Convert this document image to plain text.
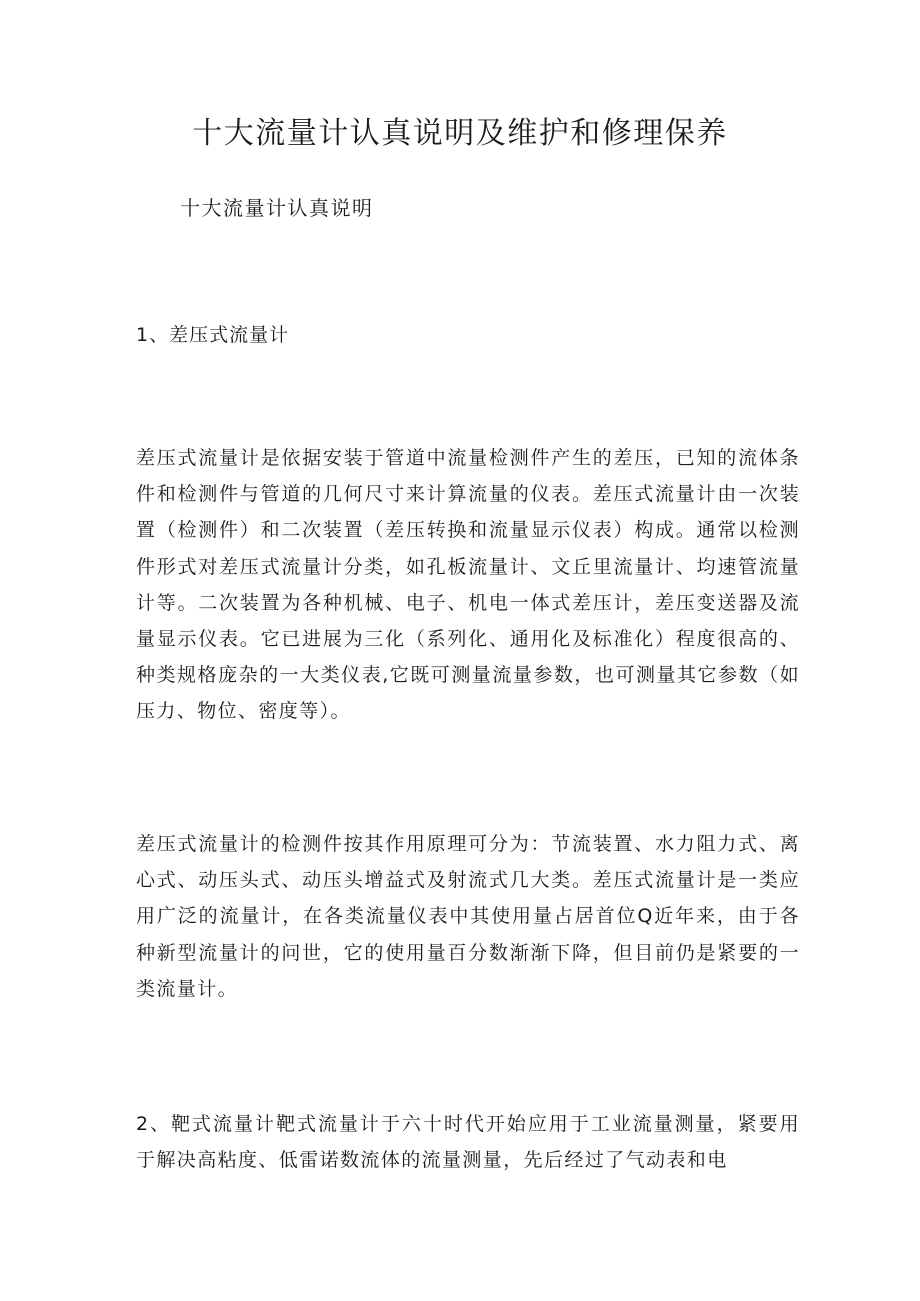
十大流量计认真说明及维护和修理保养
十大流量计认真说明
1、差压式流量计

差压式流量计是依据安装于管道中流量检测件产生的差压，已知的流体条件和检测件与管道的几何尺寸来计算流量的仪表。差压式流量计由一次装置（检测件）和二次装置（差压转换和流量显示仪表）构成。通常以检测件形式对差压式流量计分类，如孔板流量计、文丘里流量计、均速管流量计等。二次装置为各种机械、电子、机电一体式差压计，差压变送器及流量显示仪表。它已进展为三化（系列化、通用化及标准化）程度很高的、种类规格庞杂的一大类仪表,它既可测量流量参数，也可测量其它参数（如压力、物位、密度等）。

差压式流量计的检测件按其作用原理可分为：节流装置、水力阻力式、离心式、动压头式、动压头增益式及射流式几大类。差压式流量计是一类应用广泛的流量计，在各类流量仪表中其使用量占居首位Q近年来，由于各种新型流量计的问世，它的使用量百分数渐渐下降，但目前仍是紧要的一类流量计。

2、靶式流量计靶式流量计于六十时代开始应用于工业流量测量，紧要用于解决高粘度、低雷诺数流体的流量测量，先后经过了气动表和电
